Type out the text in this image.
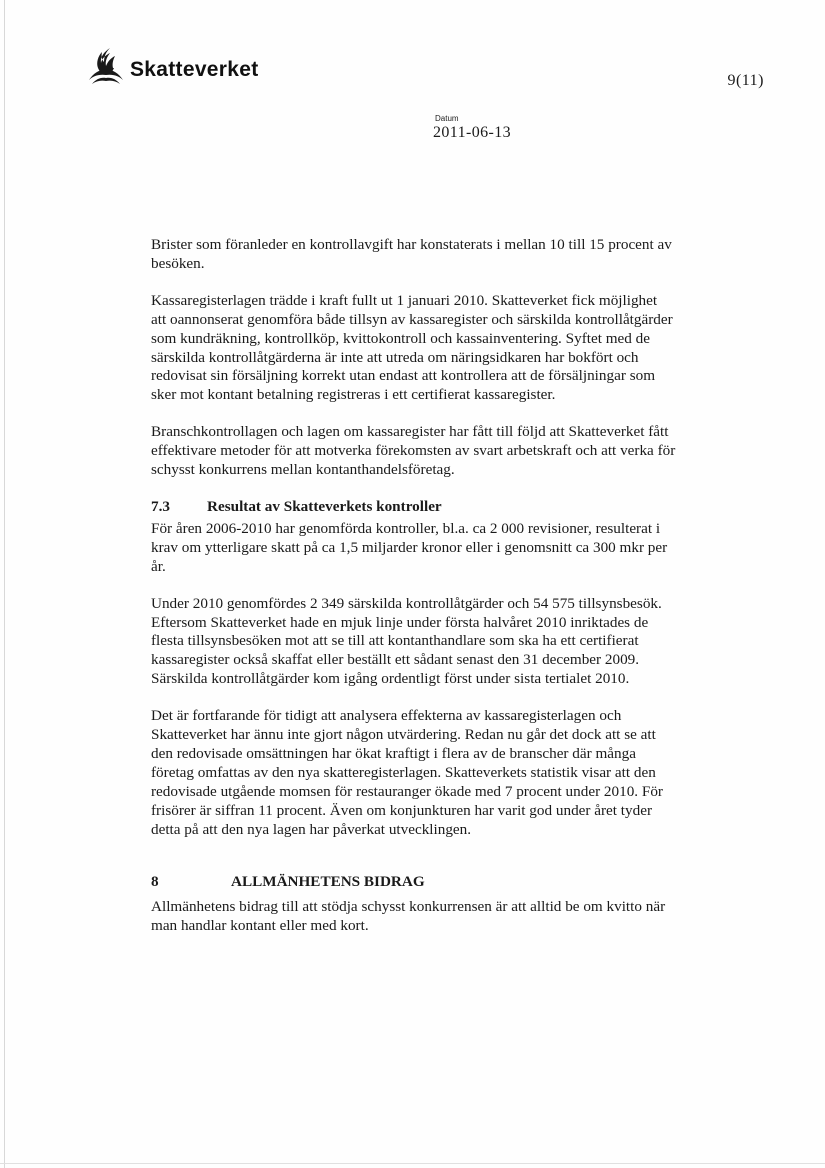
Skatteverket	9(11)
Datum
2011-06-13

Brister som föranleder en kontrollavgift har konstaterats i mellan 10 till 15 procent av besöken.

Kassaregisterlagen trädde i kraft fullt ut 1 januari 2010. Skatteverket fick möjlighet att oannonserat genomföra både tillsyn av kassaregister och särskilda kontrollåtgärder som kundräkning, kontrollköp, kvittokontroll och kassainventering. Syftet med de särskilda kontrollåtgärderna är inte att utreda om näringsidkaren har bokfört och redovisat sin försäljning korrekt utan endast att kontrollera att de försäljningar som sker mot kontant betalning registreras i ett certifierat kassaregister.

Branschkontrollagen och lagen om kassaregister har fått till följd att Skatteverket fått effektivare metoder för att motverka förekomsten av svart arbetskraft och att verka för schysst konkurrens mellan kontanthandelsföretag.

7.3	Resultat av Skatteverkets kontroller

För åren 2006-2010 har genomförda kontroller, bl.a. ca 2 000 revisioner, resulterat i krav om ytterligare skatt på ca 1,5 miljarder kronor eller i genomsnitt ca 300 mkr per år.

Under 2010 genomfördes 2 349 särskilda kontrollåtgärder och 54 575 tillsynsbesök. Eftersom Skatteverket hade en mjuk linje under första halvåret 2010 inriktades de flesta tillsynsbesöken mot att se till att kontanthandlare som ska ha ett certifierat kassaregister också skaffat eller beställt ett sådant senast den 31 december 2009. Särskilda kontrollåtgärder kom igång ordentligt först under sista tertialet 2010.

Det är fortfarande för tidigt att analysera effekterna av kassaregisterlagen och Skatteverket har ännu inte gjort någon utvärdering. Redan nu går det dock att se att den redovisade omsättningen har ökat kraftigt i flera av de branscher där många företag omfattas av den nya skatteregisterlagen. Skatteverkets statistik visar att den redovisade utgående momsen för restauranger ökade med 7 procent under 2010. För frisörer är siffran 11 procent. Även om konjunkturen har varit god under året tyder detta på att den nya lagen har påverkat utvecklingen.

8	ALLMÄNHETENS BIDRAG

Allmänhetens bidrag till att stödja schysst konkurrensen är att alltid be om kvitto när man handlar kontant eller med kort.
